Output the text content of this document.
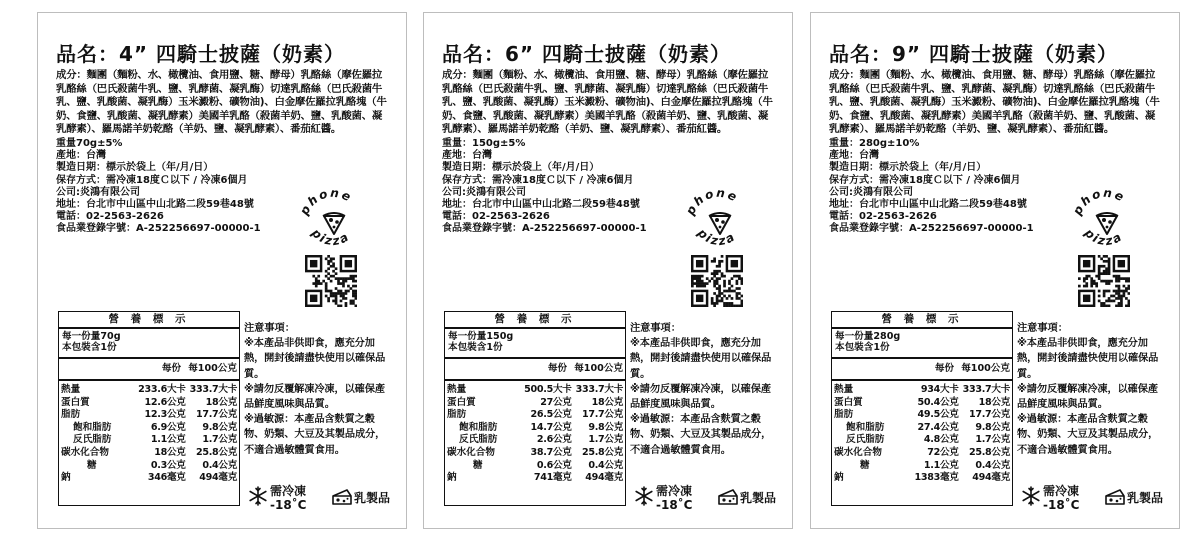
品名：4” 四騎士披薩（奶素）
成分：麵團（麵粉、水、橄欖油、食用鹽、糖、酵母）乳酪絲（摩佐羅拉乳酪絲（巴氏殺菌牛乳、鹽、乳酵菌、凝乳酶）切達乳酪絲（巴氏殺菌牛乳、鹽、乳酸菌、凝乳酶）玉米澱粉、礦物油)、白金摩佐羅拉乳酪塊（牛奶、食鹽、乳酸菌、凝乳酵素）美國羊乳酪（殺菌羊奶、鹽、乳酸菌、凝乳酵素）、羅馬諾羊奶乾酪（羊奶、鹽、凝乳酵素）、番茄紅醬。
重量70g±5%
產地：台灣
製造日期：標示於袋上（年/月/日）
保存方式：需冷凍18度Ｃ以下 / 冷凍6個月
公司:炎鴻有限公司
地址：台北市中山區中山北路二段59巷48號
電話：02-2563-2626
食品業登錄字號：A-252256697-00000-1
phone
pizza
營 養 標 示
每一份量70g
本包裝含1份
每份 每100公克
熱量	233.6大卡	333.7大卡
蛋白質	12.6公克	18公克
脂肪	12.3公克	17.7公克
飽和脂肪	6.9公克	9.8公克
反氏脂肪	1.1公克	1.7公克
碳水化合物	18公克	25.8公克
糖	0.3公克	0.4公克
鈉	346毫克	494毫克
注意事項：
※本產品非供即食，應充分加熱，開封後請盡快使用以確保品質。
※請勿反覆解凍冷凍，以確保產品鮮度風味與品質。
※過敏源：本產品含麩質之穀物、奶類、大豆及其製品成分，不適合過敏體質食用。
需冷凍
-18˚C	乳製品
品名：6” 四騎士披薩（奶素）
成分：麵團（麵粉、水、橄欖油、食用鹽、糖、酵母）乳酪絲（摩佐羅拉乳酪絲（巴氏殺菌牛乳、鹽、乳酵菌、凝乳酶）切達乳酪絲（巴氏殺菌牛乳、鹽、乳酸菌、凝乳酶）玉米澱粉、礦物油)、白金摩佐羅拉乳酪塊（牛奶、食鹽、乳酸菌、凝乳酵素）美國羊乳酪（殺菌羊奶、鹽、乳酸菌、凝乳酵素）、羅馬諾羊奶乾酪（羊奶、鹽、凝乳酵素）、番茄紅醬。
重量：150g±5%
產地：台灣
製造日期：標示於袋上（年/月/日）
保存方式：需冷凍18度Ｃ以下 / 冷凍6個月
公司:炎鴻有限公司
地址：台北市中山區中山北路二段59巷48號
電話：02-2563-2626
食品業登錄字號：A-252256697-00000-1
phone
pizza
營 養 標 示
每一份量150g
本包裝含1份
每份 每100公克
熱量	500.5大卡	333.7大卡
蛋白質	27公克	18公克
脂肪	26.5公克	17.7公克
飽和脂肪	14.7公克	9.8公克
反氏脂肪	2.6公克	1.7公克
碳水化合物	38.7公克	25.8公克
糖	0.6公克	0.4公克
鈉	741毫克	494毫克
注意事項：
※本產品非供即食，應充分加熱，開封後請盡快使用以確保品質。
※請勿反覆解凍冷凍，以確保產品鮮度風味與品質。
※過敏源：本產品含麩質之穀物、奶類、大豆及其製品成分，不適合過敏體質食用。
需冷凍
-18˚C	乳製品
品名：9” 四騎士披薩（奶素）
成分：麵團（麵粉、水、橄欖油、食用鹽、糖、酵母）乳酪絲（摩佐羅拉乳酪絲（巴氏殺菌牛乳、鹽、乳酵菌、凝乳酶）切達乳酪絲（巴氏殺菌牛乳、鹽、乳酸菌、凝乳酶）玉米澱粉、礦物油)、白金摩佐羅拉乳酪塊（牛奶、食鹽、乳酸菌、凝乳酵素）美國羊乳酪（殺菌羊奶、鹽、乳酸菌、凝乳酵素）、羅馬諾羊奶乾酪（羊奶、鹽、凝乳酵素）、番茄紅醬。
重量：280g±10%
產地：台灣
製造日期：標示於袋上（年/月/日）
保存方式：需冷凍18度Ｃ以下 / 冷凍6個月
公司:炎鴻有限公司
地址：台北市中山區中山北路二段59巷48號
電話：02-2563-2626
食品業登錄字號：A-252256697-00000-1
phone
pizza
營 養 標 示
每一份量280g
本包裝含1份
每份 每100公克
熱量	934大卡	333.7大卡
蛋白質	50.4公克	18公克
脂肪	49.5公克	17.7公克
飽和脂肪	27.4公克	9.8公克
反氏脂肪	4.8公克	1.7公克
碳水化合物	72公克	25.8公克
糖	1.1公克	0.4公克
鈉	1383毫克	494毫克
注意事項：
※本產品非供即食，應充分加熱，開封後請盡快使用以確保品質。
※請勿反覆解凍冷凍，以確保產品鮮度風味與品質。
※過敏源：本產品含麩質之穀物、奶類、大豆及其製品成分，不適合過敏體質食用。
需冷凍
-18˚C	乳製品
